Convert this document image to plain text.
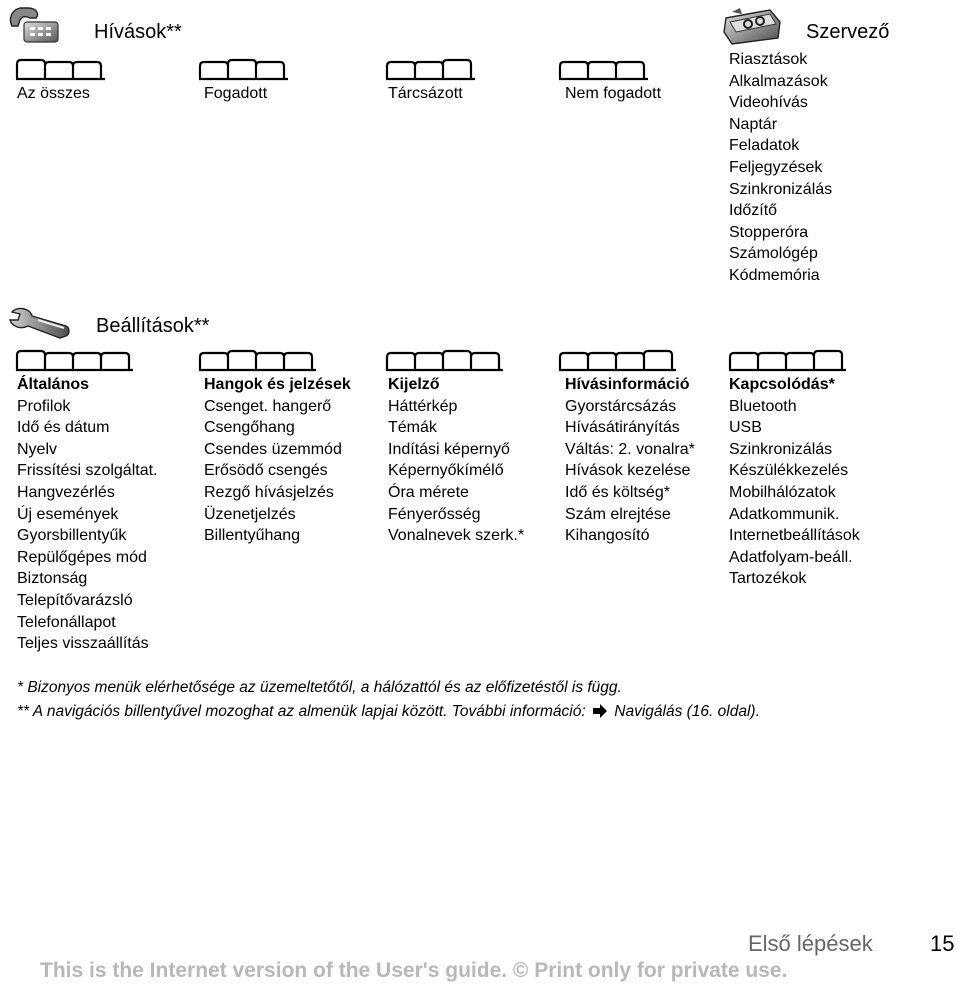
Hívások**
Az összes	Fogadott	Tárcsázott	Nem fogadott
Szervező
Riasztások
Alkalmazások
Videohívás
Naptár
Feladatok
Feljegyzések
Szinkronizálás
Időzítő
Stopperóra
Számológép
Kódmemória
Beállítások**
Általános
Profilok
Idő és dátum
Nyelv
Frissítési szolgáltat.
Hangvezérlés
Új események
Gyorsbillentyűk
Repülőgépes mód
Biztonság
Telepítővarázsló
Telefonállapot
Teljes visszaállítás
Hangok és jelzések
Csenget. hangerő
Csengőhang
Csendes üzemmód
Erősödő csengés
Rezgő hívásjelzés
Üzenetjelzés
Billentyűhang
Kijelző
Háttérkép
Témák
Indítási képernyő
Képernyőkímélő
Óra mérete
Fényerősség
Vonalnevek szerk.*
Hívásinformáció
Gyorstárcsázás
Hívásátirányítás
Váltás: 2. vonalra*
Hívások kezelése
Idő és költség*
Szám elrejtése
Kihangosító
Kapcsolódás*
Bluetooth
USB
Szinkronizálás
Készülékkezelés
Mobilhálózatok
Adatkommunik.
Internetbeállítások
Adatfolyam-beáll.
Tartozékok
* Bizonyos menük elérhetősége az üzemeltetőtől, a hálózattól és az előfizetéstől is függ.
** A navigációs billentyűvel mozoghat az almenük lapjai között. További információ: Navigálás (16. oldal).
Első lépések	15
This is the Internet version of the User's guide. © Print only for private use.
